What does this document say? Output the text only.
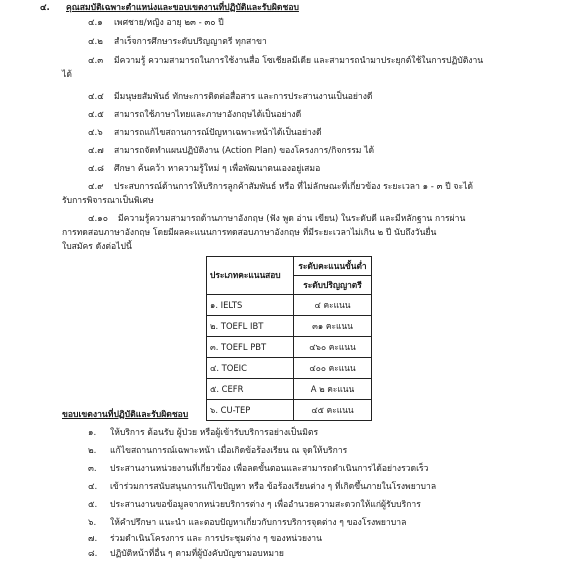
๔. คุณสมบัติเฉพาะตำแหน่งและขอบเขตงานที่ปฏิบัติและรับผิดชอบ
๔.๑ เพศชาย/หญิง อายุ ๒๓ - ๓๐ ปี
๔.๒ สำเร็จการศึกษาระดับปริญญาตรี ทุกสาขา
๔.๓ มีความรู้ ความสามารถในการใช้งานสื่อ โซเชียลมีเดีย และสามารถนำมาประยุกต์ใช้ในการปฏิบัติงาน
ได้
๔.๔ มีมนุษยสัมพันธ์ ทักษะการติดต่อสื่อสาร และการประสานงานเป็นอย่างดี
๔.๕ สามารถใช้ภาษาไทยและภาษาอังกฤษได้เป็นอย่างดี
๔.๖ สามารถแก้ไขสถานการณ์ปัญหาเฉพาะหน้าได้เป็นอย่างดี
๔.๗ สามารถจัดทำแผนปฏิบัติงาน (Action Plan) ของโครงการ/กิจกรรม ได้
๔.๘ ศึกษา ค้นคว้า หาความรู้ใหม่ ๆ เพื่อพัฒนาตนเองอยู่เสมอ
๔.๙ ประสบการณ์ด้านการให้บริการลูกค้าสัมพันธ์ หรือ ที่ไม่ลักษณะที่เกี่ยวข้อง ระยะเวลา ๑ - ๓ ปี จะได้
รับการพิจารณาเป็นพิเศษ
๔.๑๐ มีความรู้ความสามารถด้านภาษาอังกฤษ (ฟัง พูด อ่าน เขียน) ในระดับดี และมีหลักฐาน การผ่าน
การทดสอบภาษาอังกฤษ โดยมีผลคะแนนการทดสอบภาษาอังกฤษ ที่มีระยะเวลาไม่เกิน ๒ ปี นับถึงวันยื่น
ใบสมัคร ดังต่อไปนี้
ประเภทคะแนนสอบ	ระดับคะแนนขั้นต่ำ
	ระดับปริญญาตรี
๑. IELTS	๔ คะแนน
๒. TOEFL IBT	๓๑ คะแนน
๓. TOEFL PBT	๔๖๐ คะแนน
๔. TOEIC	๔๐๐ คะแนน
๕. CEFR	A ๒ คะแนน
๖. CU-TEP	๔๕ คะแนน
ขอบเขตงานที่ปฏิบัติและรับผิดชอบ
๑. ให้บริการ ต้อนรับ ผู้ป่วย หรือผู้เข้ารับบริการอย่างเป็นมิตร
๒. แก้ไขสถานการณ์เฉพาะหน้า เมื่อเกิดข้อร้องเรียน ณ จุดให้บริการ
๓. ประสานงานหน่วยงานที่เกี่ยวข้อง เพื่อลดขั้นตอนและสามารถดำเนินการได้อย่างรวดเร็ว
๔. เข้าร่วมการสนับสนุนการแก้ไขปัญหา หรือ ข้อร้องเรียนต่าง ๆ ที่เกิดขึ้นภายในโรงพยาบาล
๕. ประสานงานขอข้อมูลจากหน่วยบริการต่าง ๆ เพื่ออำนวยความสะดวกให้แก่ผู้รับบริการ
๖. ให้คำปรึกษา แนะนำ และตอบปัญหาเกี่ยวกับการบริการจุดต่าง ๆ ของโรงพยาบาล
๗. ร่วมดำเนินโครงการ และ การประชุมต่าง ๆ ของหน่วยงาน
๘. ปฏิบัติหน้าที่อื่น ๆ ตามที่ผู้บังคับบัญชามอบหมาย
